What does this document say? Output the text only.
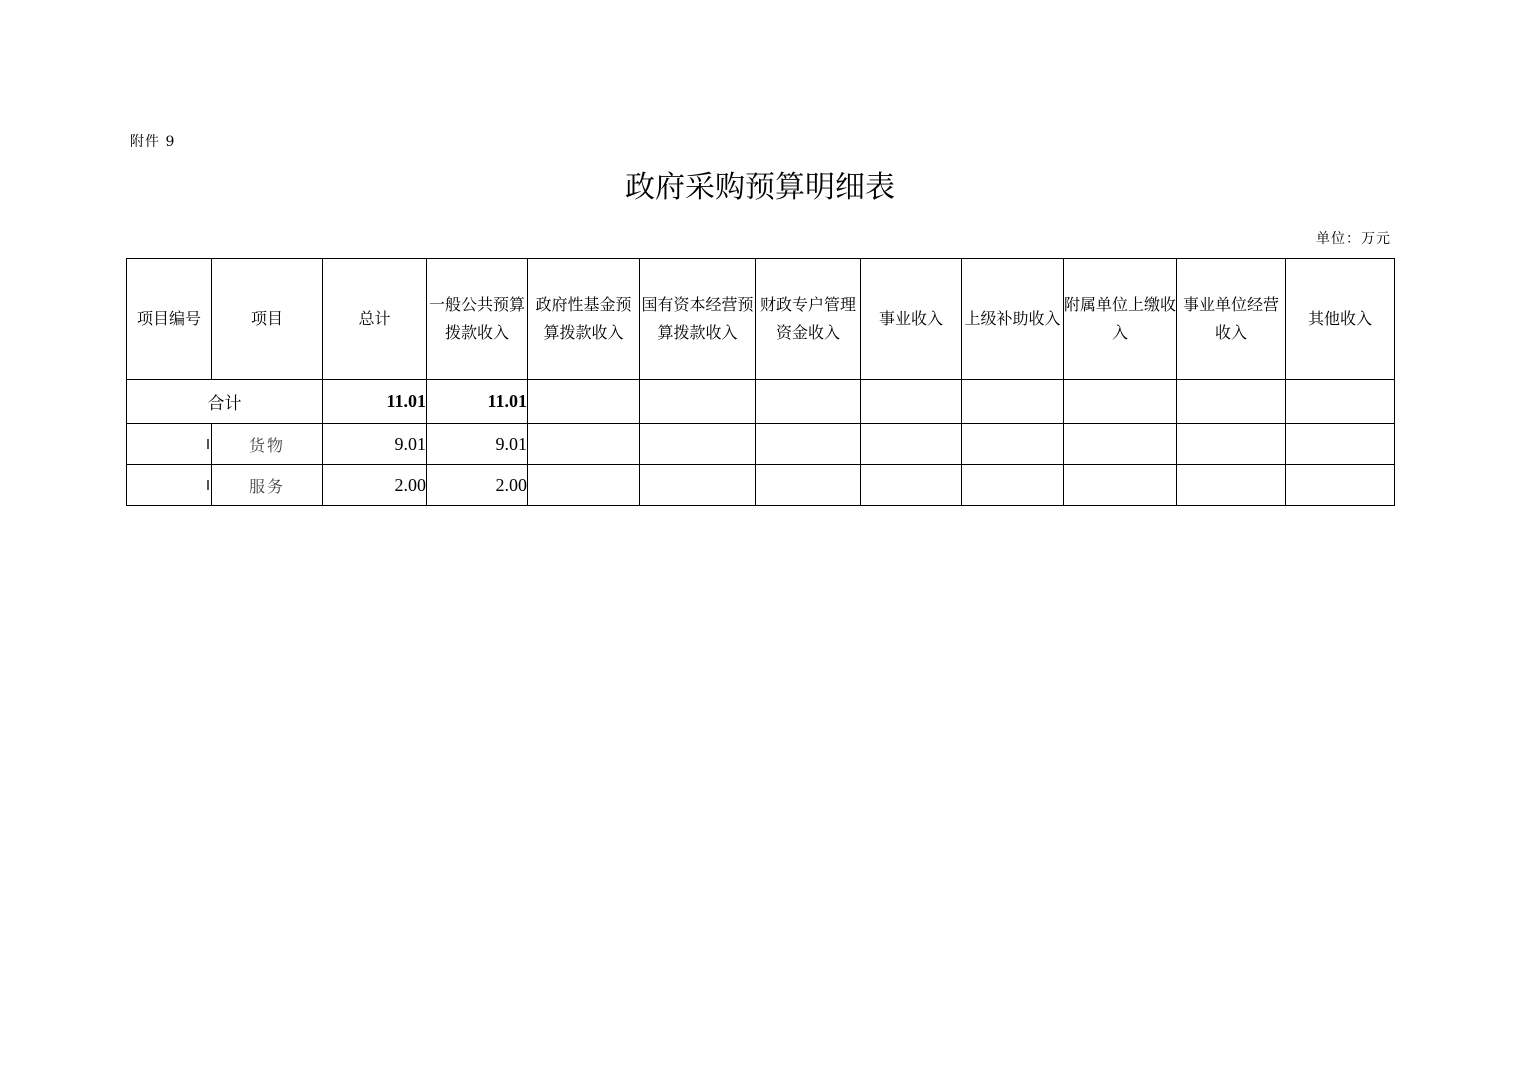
附件 9
政府采购预算明细表
单位：万元
项目编号	项目	总计	一般公共预算拨款收入	政府性基金预算拨款收入	国有资本经营预算拨款收入	财政专户管理资金收入	事业收入	上级补助收入	附属单位上缴收入	事业单位经营收入	其他收入
合计		11.01	11.01								

	货物	9.01	9.01								

	服务	2.00	2.00								
